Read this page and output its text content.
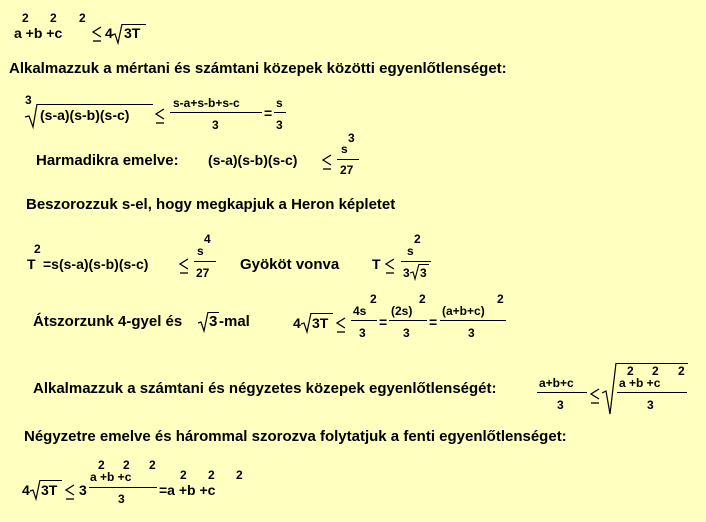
a +b +c
2 2 2
4 3T
Alkalmazzuk a mértani és számtani közepek közötti egyenlőtlenséget:
3
(s-a)(s-b)(s-c)
s-a+s-b+s-c
3
=
s
3
Harmadikra emelve: (s-a)(s-b)(s-c)
s
3
27
Beszorozzuk s-el, hogy megkapjuk a Heron képletet
T
2
=s(s-a)(s-b)(s-c)
s
4
27 Gyököt vonva T
s
2
3 3
Átszorzunk 4-gyel és 3 -mal	4 3T
4s
2
3
=
(2s)
2
3
=
(a+b+c)
2
3
Alkalmazzuk a számtani és négyzetes közepek egyenlőtlenségét:	a+b+c
3
a +b +c
2 2 2
3
Négyzetre emelve és hárommal szorozva folytatjuk a fenti egyenlőtlenséget:
4 3T 3
a +b +c
2 2 2
3
=a +b +c
2 2 2
